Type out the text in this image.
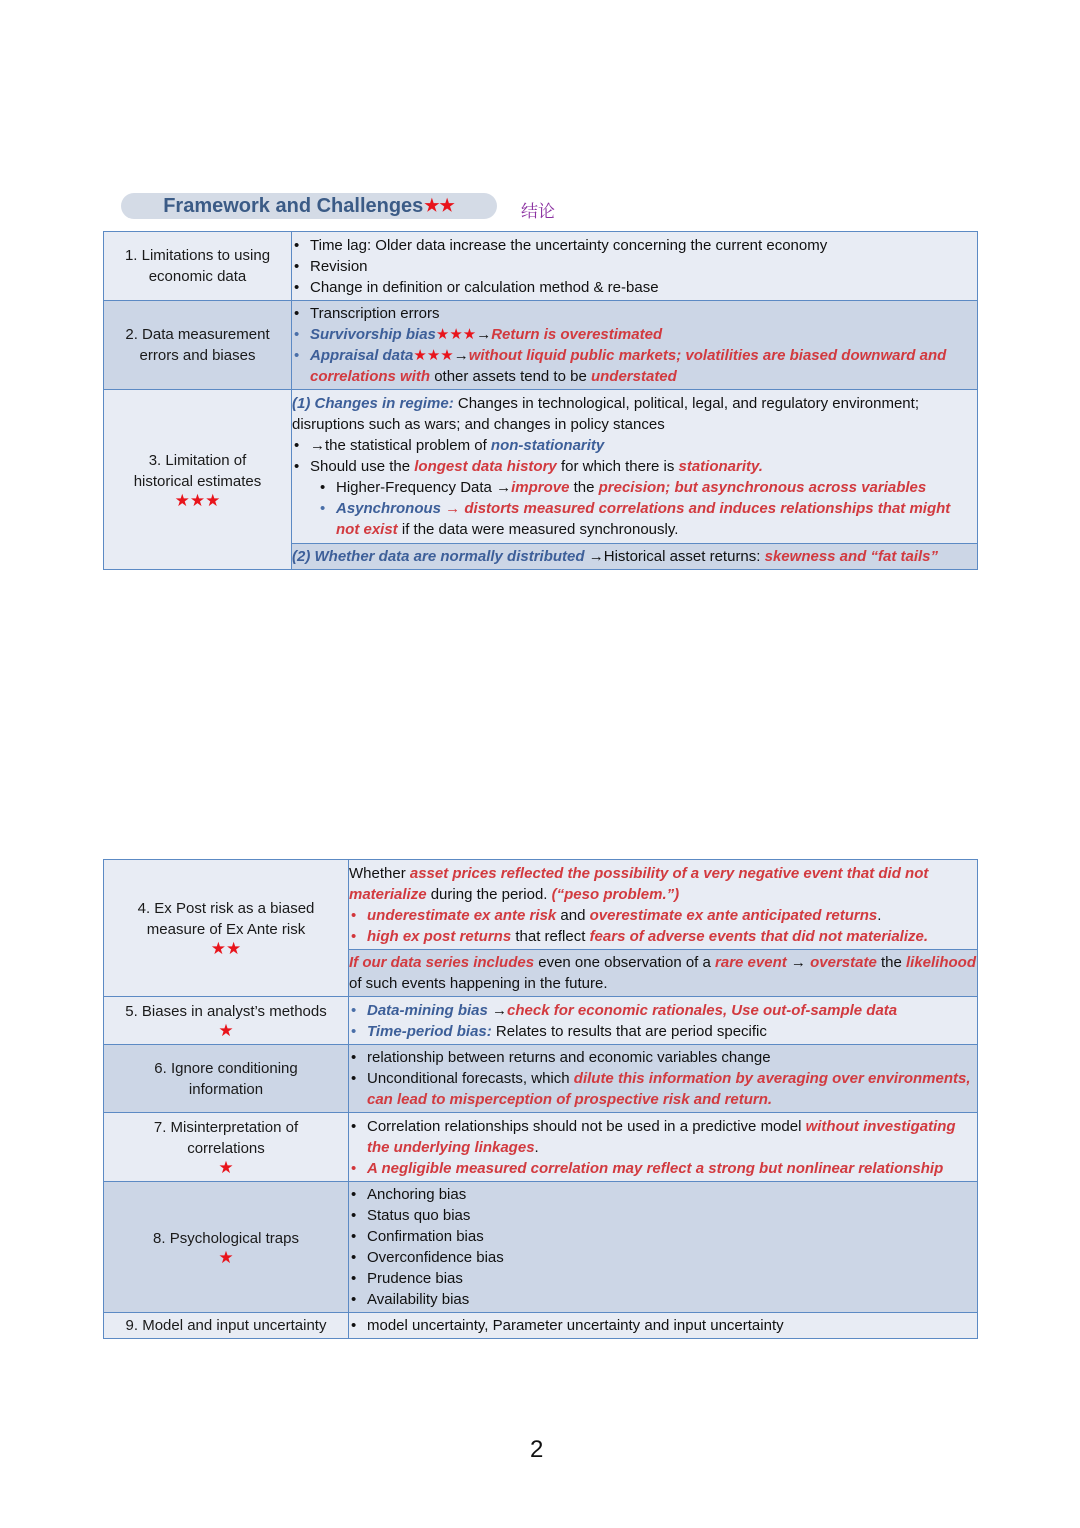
Framework and Challenges ★★	结论
1. Limitations to using economic data	
• Time lag: Older data increase the uncertainty concerning the current economy
• Revision
• Change in definition or calculation method & re-base

2. Data measurement errors and biases	
• Transcription errors
• Survivorship bias★★★→Return is overestimated
• Appraisal data★★★→without liquid public markets; volatilities are biased downward and correlations with other assets tend to be understated

3. Limitation of historical estimates
★★★

(1) Changes in regime: Changes in technological, political, legal, and regulatory environment; disruptions such as wars; and changes in policy stances
• →the statistical problem of non-stationarity
• Should use the longest data history for which there is stationarity.
• Higher-Frequency Data →improve the precision; but asynchronous across variables
• Asynchronous → distorts measured correlations and induces relationships that might not exist if the data were measured synchronously.

	(2) Whether data are normally distributed →Historical asset returns: skewness and “fat tails”
4. Ex Post risk as a biased measure of Ex Ante risk
★★

Whether asset prices reflected the possibility of a very negative event that did not materialize during the period. (“peso problem.”)
• underestimate ex ante risk and overestimate ex ante anticipated returns.
• high ex post returns that reflect fears of adverse events that did not materialize.

	If our data series includes even one observation of a rare event → overstate the likelihood of such events happening in the future.
5. Biases in analyst’s methods
★

• Data-mining bias →check for economic rationales, Use out-of-sample data
• Time-period bias: Relates to results that are period specific

6. Ignore conditioning information	
• relationship between returns and economic variables change
• Unconditional forecasts, which dilute this information by averaging over environments, can lead to misperception of prospective risk and return.

7. Misinterpretation of correlations
★

• Correlation relationships should not be used in a predictive model without investigating the underlying linkages.
• A negligible measured correlation may reflect a strong but nonlinear relationship

8. Psychological traps
★

• Anchoring bias
• Status quo bias
• Confirmation bias
• Overconfidence bias
• Prudence bias
• Availability bias

9. Model and input uncertainty	
•model uncertainty, Parameter uncertainty and input uncertainty
2
